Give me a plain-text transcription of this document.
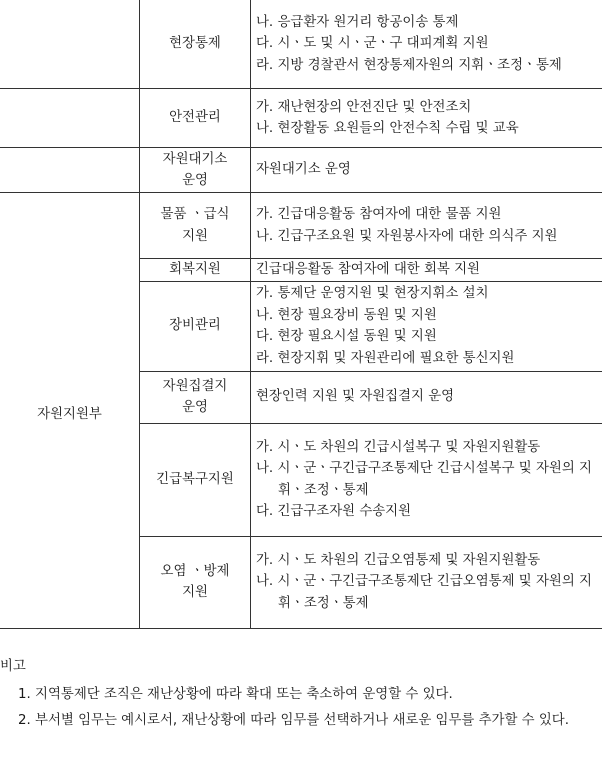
	현장통제	나. 응급환자 원거리 항공이송 통제
다. 시ㆍ도 및 시ㆍ군ㆍ구 대피계획 지원
라. 지방 경찰관서 현장통제자원의 지휘ㆍ조정ㆍ통제

	안전관리	가. 재난현장의 안전진단 및 안전조치
나. 현장활동 요원들의 안전수칙 수립 및 교육

	자원대기소 운영	자원대기소 운영

자원지원부	물품 ㆍ급식지원	가. 긴급대응활동 참여자에 대한 물품 지원
나. 긴급구조요원 및 자원봉사자에 대한 의식주 지원

	회복지원	긴급대응활동 참여자에 대한 회복 지원

	장비관리	가. 통제단 운영지원 및 현장지휘소 설치
나. 현장 필요장비 동원 및 지원
다. 현장 필요시설 동원 및 지원
라. 현장지휘 및 자원관리에 필요한 통신지원

	자원집결지 운영	현장인력 지원 및 자원집결지 운영

	긴급복구지원	가. 시ㆍ도 차원의 긴급시설복구 및 자원지원활동
나. 시ㆍ군ㆍ구긴급구조통제단 긴급시설복구 및 자원의 지휘ㆍ조정ㆍ통제
다. 긴급구조자원 수송지원

	오염 ㆍ방제지원	가. 시ㆍ도 차원의 긴급오염통제 및 자원지원활동
나. 시ㆍ군ㆍ구긴급구조통제단 긴급오염통제 및 자원의 지휘ㆍ조정ㆍ통제
비고
1. 지역통제단 조직은 재난상황에 따라 확대 또는 축소하여 운영할 수 있다.
2. 부서별 임무는 예시로서, 재난상황에 따라 임무를 선택하거나 새로운 임무를 추가할 수 있다.
